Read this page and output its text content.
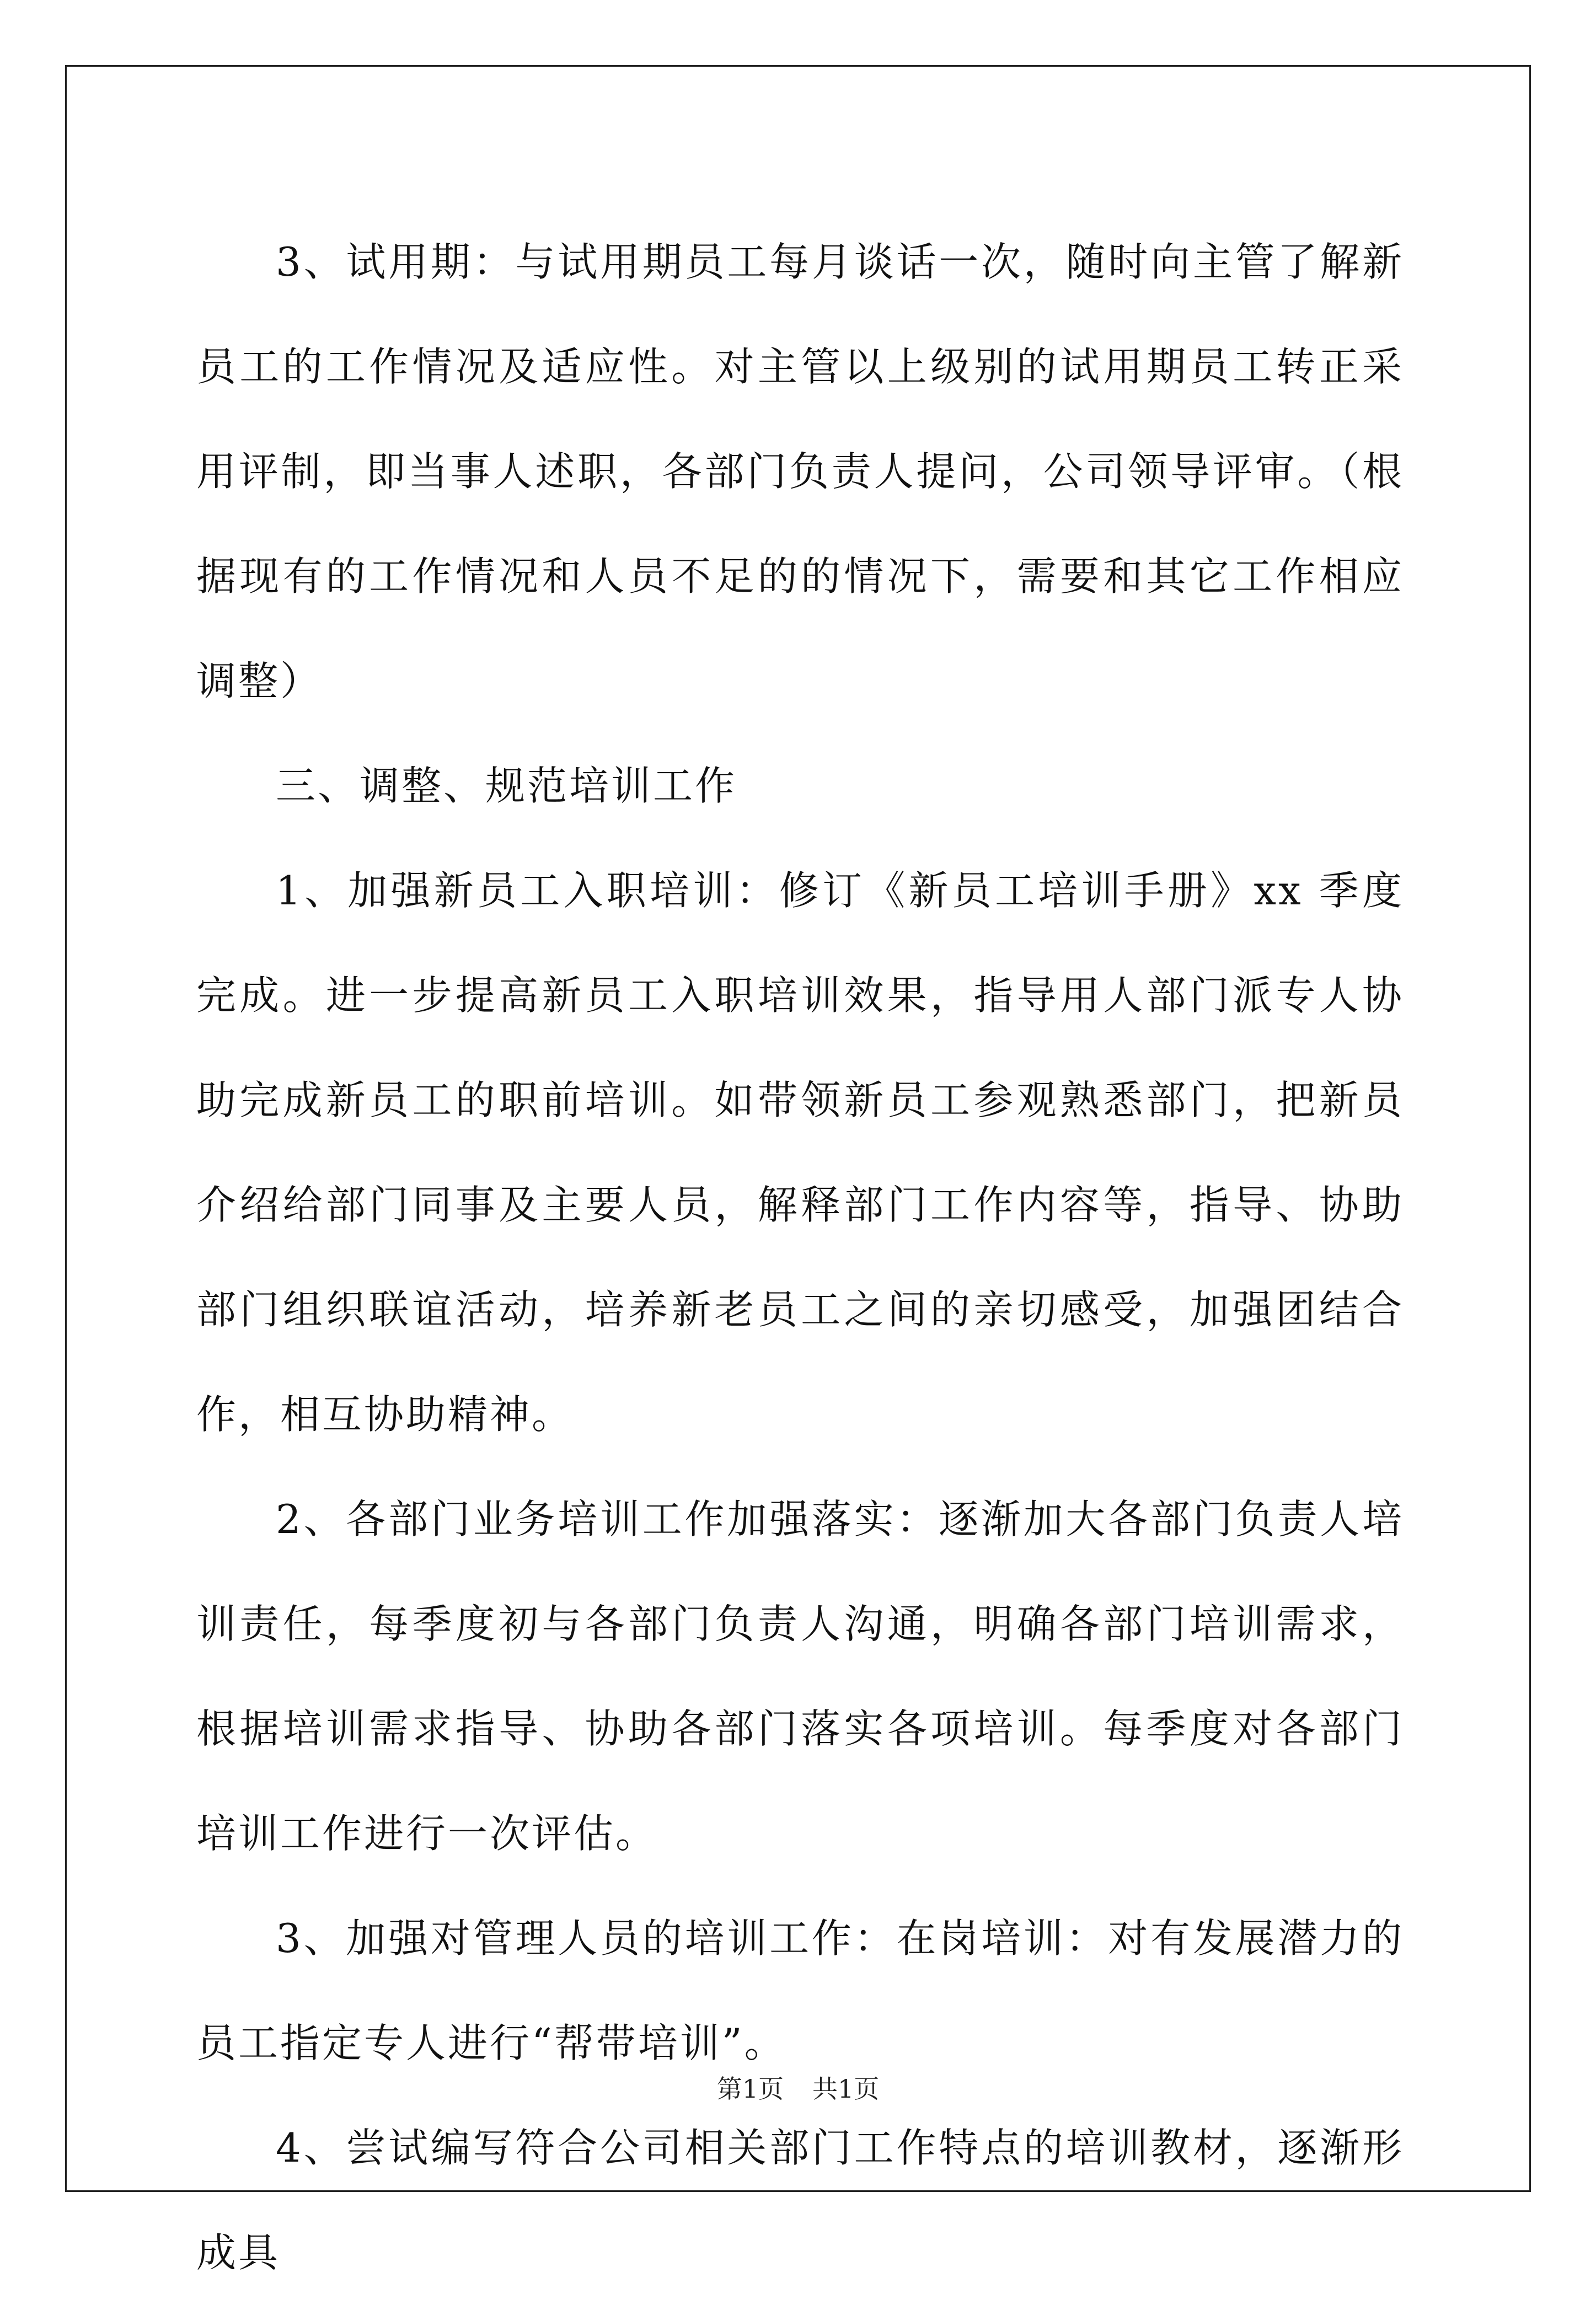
3、试用期：与试用期员工每月谈话一次，随时向主管了解新员工的工作情况及适应性。对主管以上级别的试用期员工转正采用评制，即当事人述职，各部门负责人提问，公司领导评审。（根据现有的工作情况和人员不足的的情况下，需要和其它工作相应调整）

三、调整、规范培训工作

1、加强新员工入职培训：修订《新员工培训手册》xx 季度完成。进一步提高新员工入职培训效果，指导用人部门派专人协助完成新员工的职前培训。如带领新员工参观熟悉部门，把新员介绍给部门同事及主要人员，解释部门工作内容等，指导、协助部门组织联谊活动，培养新老员工之间的亲切感受，加强团结合作，相互协助精神。

2、各部门业务培训工作加强落实：逐渐加大各部门负责人培训责任，每季度初与各部门负责人沟通，明确各部门培训需求，根据培训需求指导、协助各部门落实各项培训。每季度对各部门培训工作进行一次评估。

3、加强对管理人员的培训工作：在岗培训：对有发展潜力的员工指定专人进行“帮带培训”。

4、尝试编写符合公司相关部门工作特点的培训教材，逐渐形成具

第1页 共1页
